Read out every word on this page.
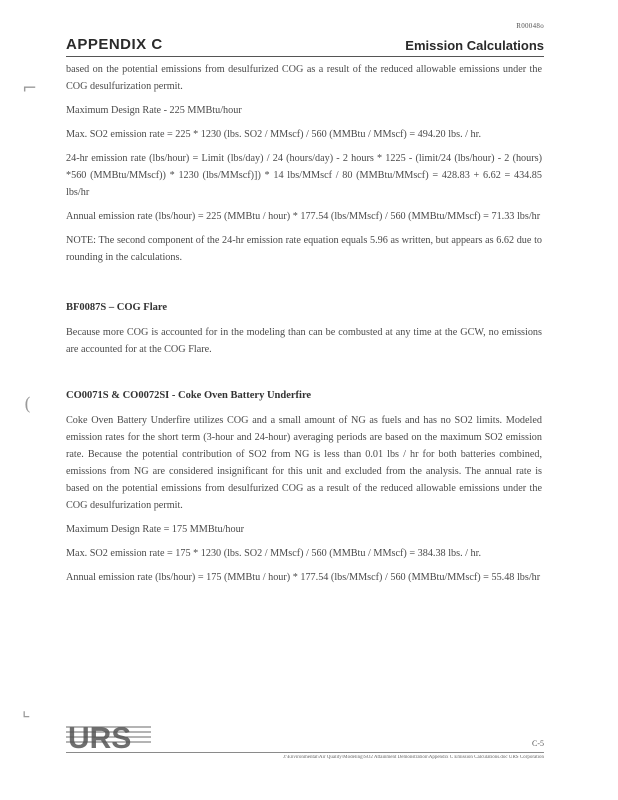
R00048o
APPENDIX C	Emission Calculations
⌐
(
⌞

based on the potential emissions from desulfurized COG as a result of the reduced allowable emissions under the COG desulfurization permit.

Maximum Design Rate - 225 MMBtu/hour

Max. SO2 emission rate = 225 * 1230 (lbs. SO2 / MMscf) / 560 (MMBtu / MMscf) = 494.20 lbs. / hr.

24-hr emission rate (lbs/hour) = Limit (lbs/day) / 24 (hours/day) - 2 hours * 1225 - (limit/24 (lbs/hour) - 2 (hours) *560 (MMBtu/MMscf)) * 1230 (lbs/MMscf)]) * 14 lbs/MMscf / 80 (MMBtu/MMscf) = 428.83 + 6.62 = 434.85 lbs/hr

Annual emission rate (lbs/hour) = 225 (MMBtu / hour) * 177.54 (lbs/MMscf) / 560 (MMBtu/MMscf) = 71.33 lbs/hr

NOTE: The second component of the 24-hr emission rate equation equals 5.96 as written, but appears as 6.62 due to rounding in the calculations.

BF0087S – COG Flare

Because more COG is accounted for in the modeling than can be combusted at any time at the GCW, no emissions are accounted for at the COG Flare.

CO0071S & CO0072SI - Coke Oven Battery Underfire

Coke Oven Battery Underfire utilizes COG and a small amount of NG as fuels and has no SO2 limits. Modeled emission rates for the short term (3-hour and 24-hour) averaging periods are based on the maximum SO2 emission rate. Because the potential contribution of SO2 from NG is less than 0.01 lbs / hr for both batteries combined, emissions from NG are considered insignificant for this unit and excluded from the analysis. The annual rate is based on the potential emissions from desulfurized COG as a result of the reduced allowable emissions under the COG desulfurization permit.

Maximum Design Rate = 175 MMBtu/hour

Max. SO2 emission rate = 175 * 1230 (lbs. SO2 / MMscf) / 560 (MMBtu / MMscf) = 384.38 lbs. / hr.

Annual emission rate (lbs/hour) = 175 (MMBtu / hour) * 177.54 (lbs/MMscf) / 560 (MMBtu/MMscf) = 55.48 lbs/hr

URS	C-5
J:\Environmental\Air Quality\Modeling\SO2 Attainment Demonstration\Appendix C Emission Calculations.doc URS Corporation
